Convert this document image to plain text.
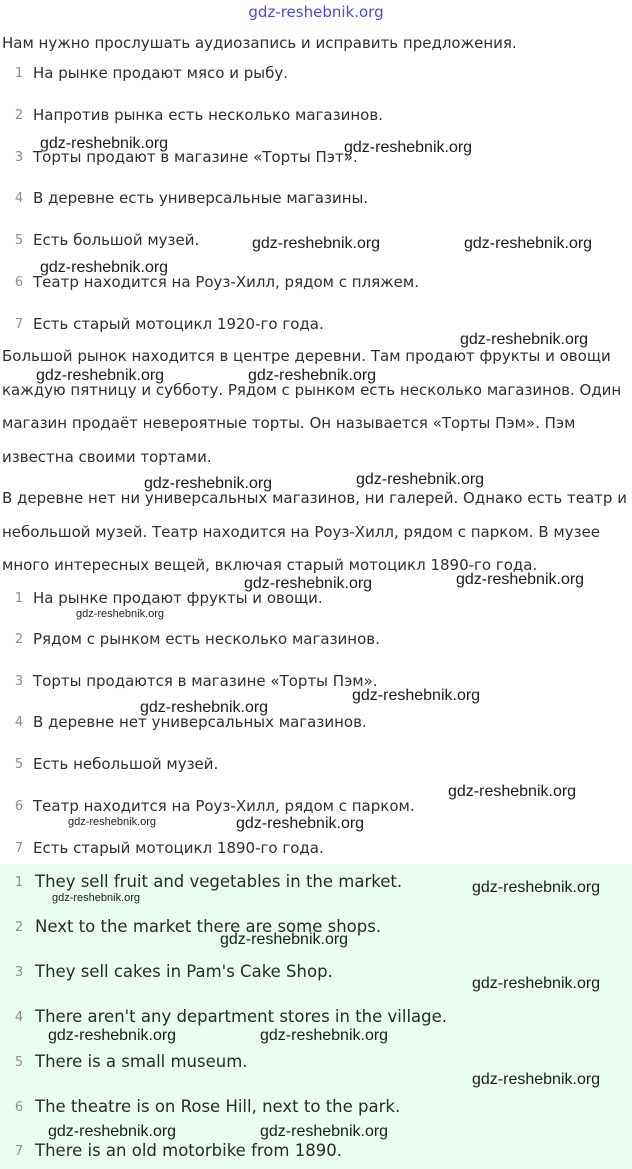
gdz-reshebnik.org
Нам нужно прослушать аудиозапись и исправить предложения.
1 На рынке продают мясо и рыбу.
2 Напротив рынка есть несколько магазинов.
3 Торты продают в магазине «Торты Пэт».
4 В деревне есть универсальные магазины.
5 Есть большой музей.
6 Театр находится на Роуз-Хилл, рядом с пляжем.
7 Есть старый мотоцикл 1920-го года.
Большой рынок находится в центре деревни. Там продают фрукты и овощи
каждую пятницу и субботу. Рядом с рынком есть несколько магазинов. Один
магазин продаёт невероятные торты. Он называется «Торты Пэм». Пэм
известна своими тортами.
В деревне нет ни универсальных магазинов, ни галерей. Однако есть театр и
небольшой музей. Театр находится на Роуз-Хилл, рядом с парком. В музее
много интересных вещей, включая старый мотоцикл 1890-го года.
1 На рынке продают фрукты и овощи.
2 Рядом с рынком есть несколько магазинов.
3 Торты продаются в магазине «Торты Пэм».
4 В деревне нет универсальных магазинов.
5 Есть небольшой музей.
6 Театр находится на Роуз-Хилл, рядом с парком.
7 Есть старый мотоцикл 1890-го года.
1 They sell fruit and vegetables in the market.
2 Next to the market there are some shops.
3 They sell cakes in Pam's Cake Shop.
4 There aren't any department stores in the village.
5 There is a small museum.
6 The theatre is on Rose Hill, next to the park.
7 There is an old motorbike from 1890.
gdz-reshebnik.org	gdz-reshebnik.org
gdz-reshebnik.org	gdz-reshebnik.org
gdz-reshebnik.org
gdz-reshebnik.org
gdz-reshebnik.org	gdz-reshebnik.org
gdz-reshebnik.org
gdz-reshebnik.org
gdz-reshebnik.org
gdz-reshebnik.org
gdz-reshebnik.org
gdz-reshebnik.org
gdz-reshebnik.org
gdz-reshebnik.org
gdz-reshebnik.org	gdz-reshebnik.org
gdz-reshebnik.org
gdz-reshebnik.org
gdz-reshebnik.org
gdz-reshebnik.org
gdz-reshebnik.org	gdz-reshebnik.org
gdz-reshebnik.org
gdz-reshebnik.org	gdz-reshebnik.org
